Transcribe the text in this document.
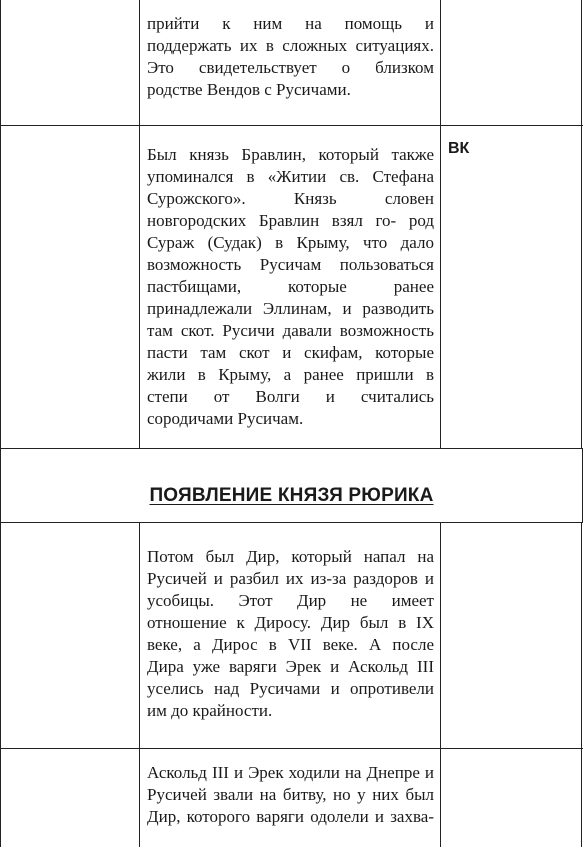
прийти к ним на помощь и
поддержать их в сложных ситуациях.
Это свидетельствует о близком
родстве Вендов с Русичами.
ВК
Был князь Бравлин, который также
упоминался в «Житии св. Стефана
Сурожского». Князь словен
новгородских Бравлин взял го- род
Сураж (Судак) в Крыму, что дало
возможность Русичам пользоваться
пастбищами, которые ранее
принадлежали Эллинам, и разводить
там скот. Русичи давали возможность
пасти там скот и скифам, которые
жили в Крыму, а ранее пришли в
степи от Волги и считались
сородичами Русичам.
ПОЯВЛЕНИЕ КНЯЗЯ РЮРИКА
Потом был Дир, который напал на
Русичей и разбил их из-за раздоров и
усобицы. Этот Дир не имеет
отношение к Диросу. Дир был в IX
веке, а Дирос в VII веке. А после
Дира уже варяги Эрек и Аскольд III
уселись над Русичами и опротивели
им до крайности.
Аскольд III и Эрек ходили на Днепре и
Русичей звали на битву, но у них был
Дир, которого варяги одолели и захва-
